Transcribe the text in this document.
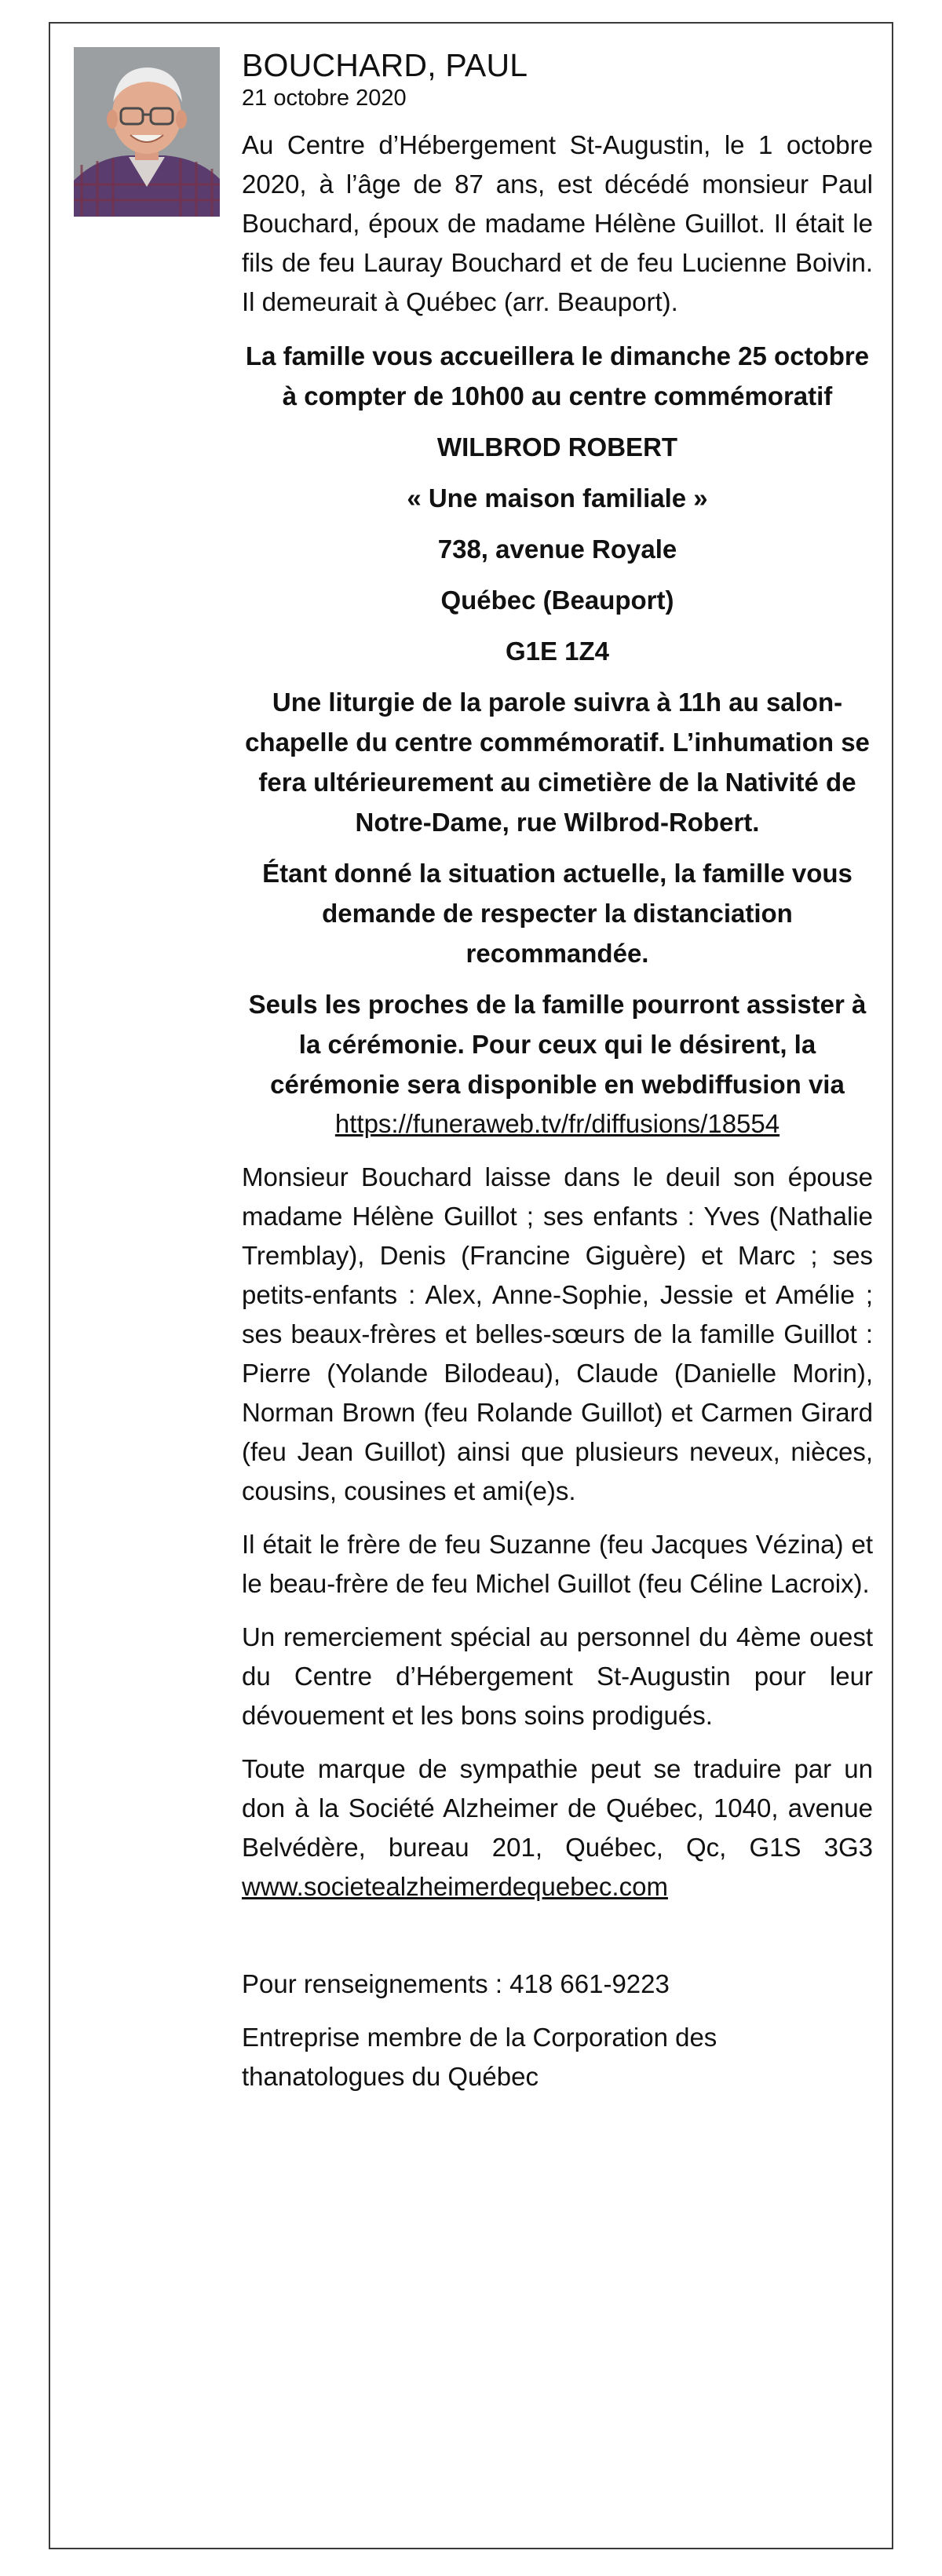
BOUCHARD, PAUL
21 octobre 2020

Au Centre d’Hébergement St-Augustin, le 1 octobre 2020, à l’âge de 87 ans, est décédé monsieur Paul Bouchard, époux de madame Hélène Guillot. Il était le fils de feu Lauray Bouchard et de feu Lucienne Boivin. Il demeurait à Québec (arr. Beauport).

La famille vous accueillera le dimanche 25 octobre à compter de 10h00 au centre commémoratif

WILBROD ROBERT

« Une maison familiale »

738, avenue Royale

Québec (Beauport)

G1E 1Z4

Une liturgie de la parole suivra à 11h au salon-chapelle du centre commémoratif. L’inhumation se fera ultérieurement au cimetière de la Nativité de Notre-Dame, rue Wilbrod-Robert.

Étant donné la situation actuelle, la famille vous demande de respecter la distanciation recommandée.

Seuls les proches de la famille pourront assister à la cérémonie. Pour ceux qui le désirent, la cérémonie sera disponible en webdiffusion via

https://funeraweb.tv/fr/diffusions/18554

Monsieur Bouchard laisse dans le deuil son épouse madame Hélène Guillot ; ses enfants : Yves (Nathalie Tremblay), Denis (Francine Giguère) et Marc ; ses petits-enfants : Alex, Anne-Sophie, Jessie et Amélie ; ses beaux-frères et belles-sœurs de la famille Guillot : Pierre (Yolande Bilodeau), Claude (Danielle Morin), Norman Brown (feu Rolande Guillot) et Carmen Girard (feu Jean Guillot) ainsi que plusieurs neveux, nièces, cousins, cousines et ami(e)s.

Il était le frère de feu Suzanne (feu Jacques Vézina) et le beau-frère de feu Michel Guillot (feu Céline Lacroix).

Un remerciement spécial au personnel du 4ème ouest du Centre d’Hébergement St-Augustin pour leur dévouement et les bons soins prodigués.

Toute marque de sympathie peut se traduire par un don à la Société Alzheimer de Québec, 1040, avenue Belvédère, bureau 201, Québec, Qc, G1S 3G3 www.societealzheimerdequebec.com

Pour renseignements : 418 661-9223

Entreprise membre de la Corporation des thanatologues du Québec
